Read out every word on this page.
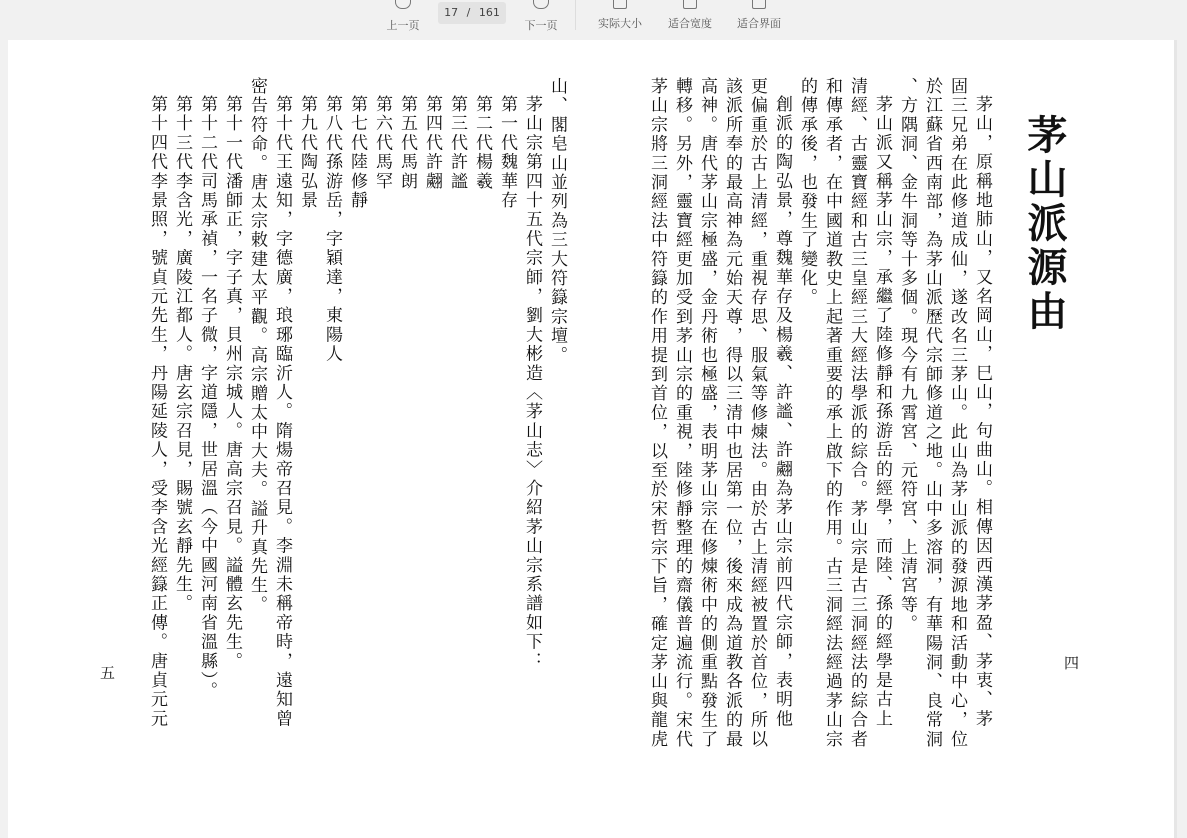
上一页
17 / 161
下一页	实际大小	适合宽度	适合界面
茅山派源由
四
茅山，原稱地肺山，又名岡山，巳山，句曲山。相傳因西漢茅盈、茅衷、茅
固三兄弟在此修道成仙，遂改名三茅山。此山為茅山派的發源地和活動中心，位
於江蘇省西南部，為茅山派歷代宗師修道之地。山中多溶洞，有華陽洞、良常洞
、方隅洞、金牛洞等十多個。現今有九霄宮、元符宮、上清宮等。
茅山派又稱茅山宗，承繼了陸修靜和孫游岳的經學，而陸、孫的經學是古上
清經、古靈寶經和古三皇經三大經法學派的綜合。茅山宗是古三洞經法的綜合者
和傳承者，在中國道教史上起著重要的承上啟下的作用。古三洞經法經過茅山宗
的傳承後，也發生了變化。
創派的陶弘景，尊魏華存及楊羲、許謐、許翽為茅山宗前四代宗師，表明他
更偏重於古上清經，重視存思、服氣等修煉法。由於古上清經被置於首位，所以
該派所奉的最高神為元始天尊，得以三清中也居第一位，後來成為道教各派的最
高神。唐代茅山宗極盛，金丹術也極盛，表明茅山宗在修煉術中的側重點發生了
轉移。另外，靈寶經更加受到茅山宗的重視，陸修靜整理的齋儀普遍流行。宋代
茅山宗將三洞經法中符籙的作用提到首位，以至於宋哲宗下旨，確定茅山與龍虎
山、閣皂山並列為三大符籙宗壇。
茅山宗第四十五代宗師，劉大彬造〈茅山志〉介紹茅山宗系譜如下：
第一代魏華存
第二代楊羲
第三代許謐
第四代許翽
第五代馬朗
第六代馬罕
第七代陸修靜
第八代孫游岳，字穎達，東陽人
第九代陶弘景
第十代王遠知，字德廣，琅琊臨沂人。隋煬帝召見。李淵未稱帝時，遠知曾
密告符命。唐太宗敕建太平觀。高宗贈太中大夫。謚升真先生。
第十一代潘師正，字子真，貝州宗城人。唐高宗召見。謚體玄先生。
第十二代司馬承禎，一名子微，字道隱，世居溫（今中國河南省溫縣）。
第十三代李含光，廣陵江都人。唐玄宗召見，賜號玄靜先生。
第十四代李景照，號貞元先生，丹陽延陵人，受李含光經籙正傳。唐貞元元
五
